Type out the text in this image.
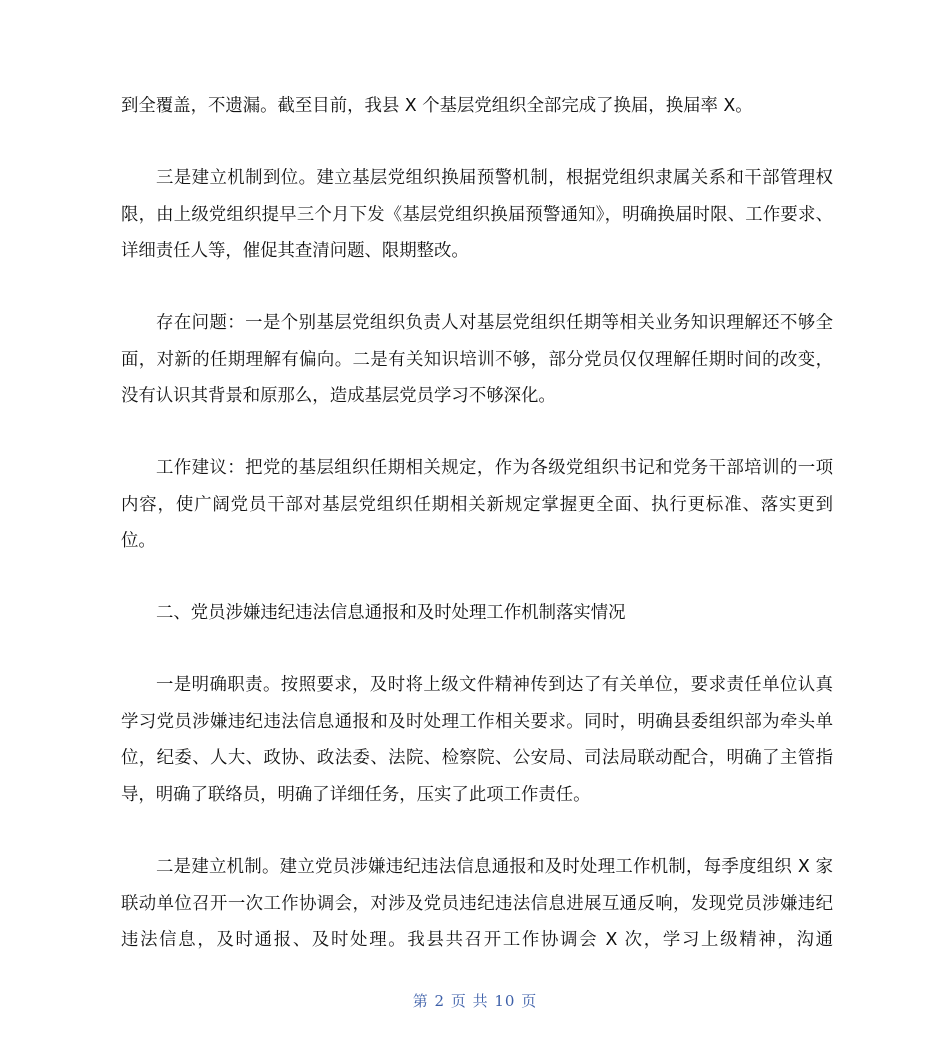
到全覆盖，不遗漏。截至目前，我县 X 个基层党组织全部完成了换届，换届率 X。

三是建立机制到位。建立基层党组织换届预警机制，根据党组织隶属关系和干部管理权限，由上级党组织提早三个月下发《基层党组织换届预警通知》，明确换届时限、工作要求、详细责任人等，催促其查清问题、限期整改。

存在问题：一是个别基层党组织负责人对基层党组织任期等相关业务知识理解还不够全面，对新的任期理解有偏向。二是有关知识培训不够，部分党员仅仅理解任期时间的改变，没有认识其背景和原那么，造成基层党员学习不够深化。

工作建议：把党的基层组织任期相关规定，作为各级党组织书记和党务干部培训的一项内容，使广阔党员干部对基层党组织任期相关新规定掌握更全面、执行更标准、落实更到位。

二、党员涉嫌违纪违法信息通报和及时处理工作机制落实情况

一是明确职责。按照要求，及时将上级文件精神传到达了有关单位，要求责任单位认真学习党员涉嫌违纪违法信息通报和及时处理工作相关要求。同时，明确县委组织部为牵头单位，纪委、人大、政协、政法委、法院、检察院、公安局、司法局联动配合，明确了主管指导，明确了联络员，明确了详细任务，压实了此项工作责任。

二是建立机制。建立党员涉嫌违纪违法信息通报和及时处理工作机制，每季度组织 X 家联动单位召开一次工作协调会，对涉及党员违纪违法信息进展互通反响，发现党员涉嫌违纪违法信息，及时通报、及时处理。我县共召开工作协调会 X 次，学习上级精神，沟通

第 2 页 共 10 页
